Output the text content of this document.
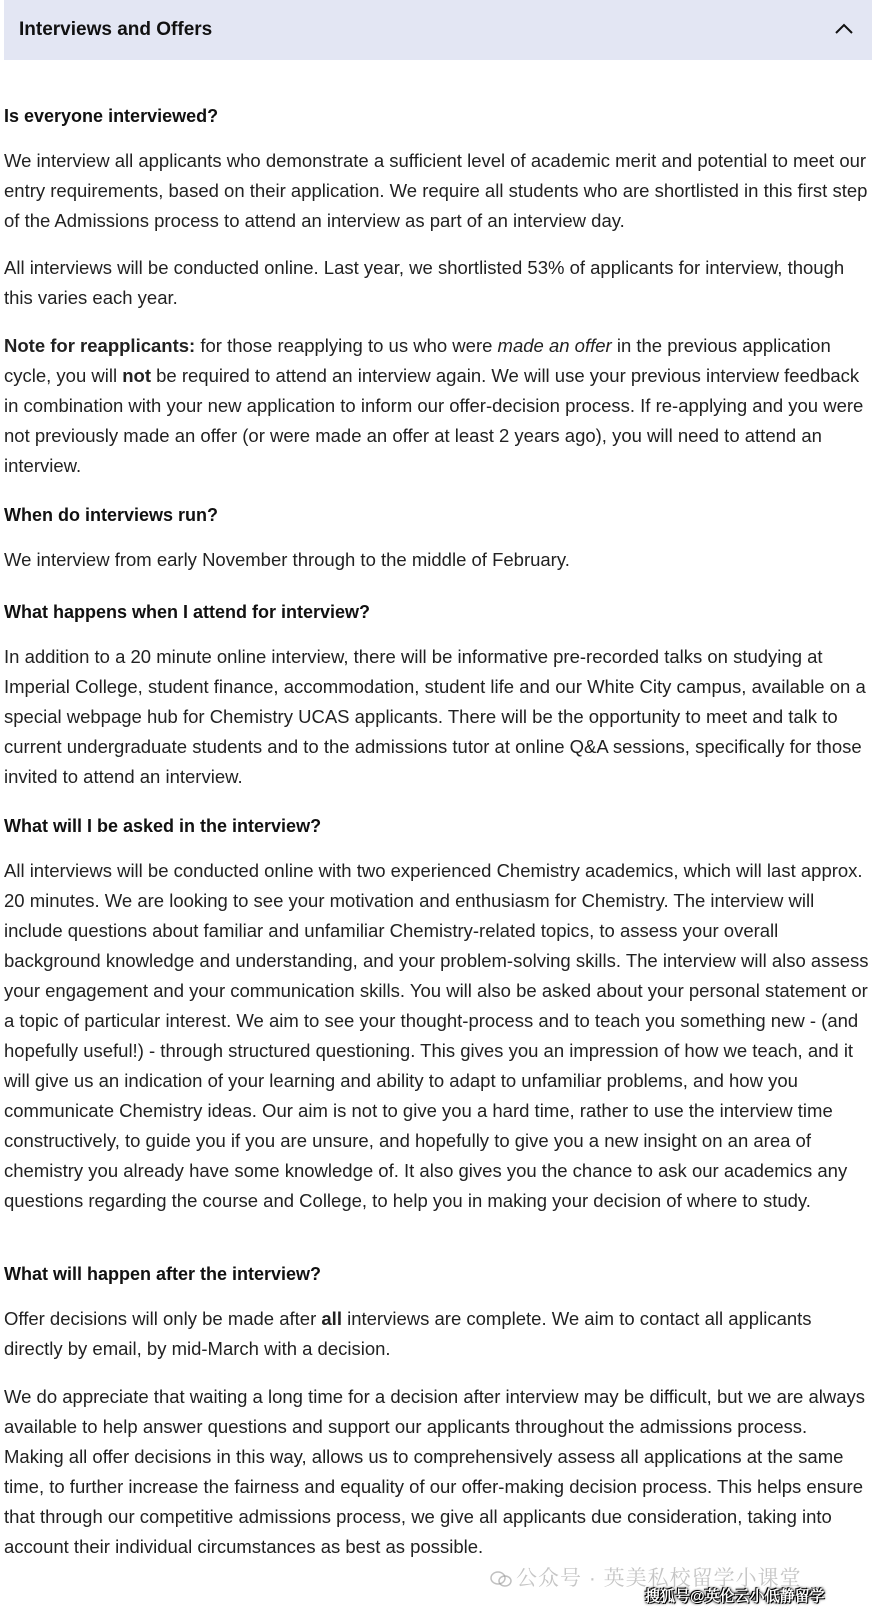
Interviews and Offers
Is everyone interviewed?
We interview all applicants who demonstrate a sufficient level of academic merit and potential to meet our entry requirements, based on their application. We require all students who are shortlisted in this first step of the Admissions process to attend an interview as part of an interview day.
All interviews will be conducted online. Last year, we shortlisted 53% of applicants for interview, though this varies each year.
Note for reapplicants: for those reapplying to us who were made an offer in the previous application cycle, you will not be required to attend an interview again. We will use your previous interview feedback in combination with your new application to inform our offer-decision process. If re-applying and you were not previously made an offer (or were made an offer at least 2 years ago), you will need to attend an interview.
When do interviews run?
We interview from early November through to the middle of February.
What happens when I attend for interview?
In addition to a 20 minute online interview, there will be informative pre-recorded talks on studying at Imperial College, student finance, accommodation, student life and our White City campus, available on a special webpage hub for Chemistry UCAS applicants. There will be the opportunity to meet and talk to current undergraduate students and to the admissions tutor at online Q&A sessions, specifically for those invited to attend an interview.
What will I be asked in the interview?
All interviews will be conducted online with two experienced Chemistry academics, which will last approx. 20 minutes. We are looking to see your motivation and enthusiasm for Chemistry. The interview will include questions about familiar and unfamiliar Chemistry-related topics, to assess your overall background knowledge and understanding, and your problem-solving skills. The interview will also assess your engagement and your communication skills. You will also be asked about your personal statement or a topic of particular interest. We aim to see your thought-process and to teach you something new - (and hopefully useful!) - through structured questioning. This gives you an impression of how we teach, and it will give us an indication of your learning and ability to adapt to unfamiliar problems, and how you communicate Chemistry ideas. Our aim is not to give you a hard time, rather to use the interview time constructively, to guide you if you are unsure, and hopefully to give you a new insight on an area of chemistry you already have some knowledge of. It also gives you the chance to ask our academics any questions regarding the course and College, to help you in making your decision of where to study.
What will happen after the interview?
Offer decisions will only be made after all interviews are complete. We aim to contact all applicants directly by email, by mid-March with a decision.
We do appreciate that waiting a long time for a decision after interview may be difficult, but we are always available to help answer questions and support our applicants throughout the admissions process. Making all offer decisions in this way, allows us to comprehensively assess all applications at the same time, to further increase the fairness and equality of our offer-making decision process. This helps ensure that through our competitive admissions process, we give all applicants due consideration, taking into account their individual circumstances as best as possible.
公众号 · 英美私校留学小课堂
搜狐号@英伦云小低静留学
